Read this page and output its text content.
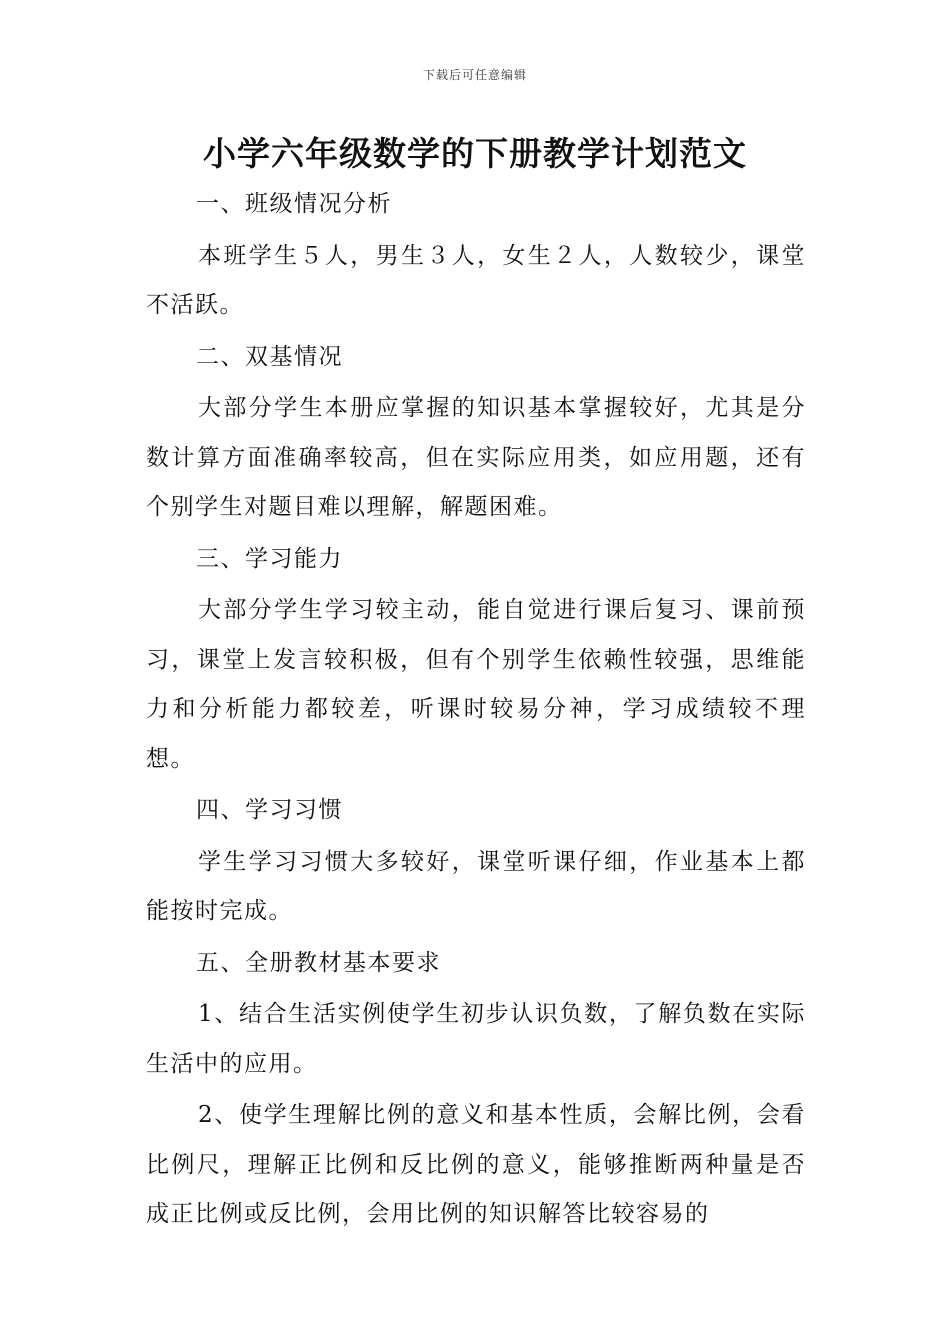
下载后可任意编辑
小学六年级数学的下册教学计划范文

一、班级情况分析

本班学生５人，男生３人，女生２人，人数较少，课堂不活跃。

二、双基情况

大部分学生本册应掌握的知识基本掌握较好，尤其是分数计算方面准确率较高，但在实际应用类，如应用题，还有个别学生对题目难以理解，解题困难。

三、学习能力

大部分学生学习较主动，能自觉进行课后复习、课前预习，课堂上发言较积极，但有个别学生依赖性较强，思维能力和分析能力都较差，听课时较易分神，学习成绩较不理想。

四、学习习惯

学生学习习惯大多较好，课堂听课仔细，作业基本上都能按时完成。

五、全册教材基本要求

1、结合生活实例使学生初步认识负数，了解负数在实际生活中的应用。

2、使学生理解比例的意义和基本性质，会解比例，会看比例尺，理解正比例和反比例的意义，能够推断两种量是否成正比例或反比例，会用比例的知识解答比较容易的
